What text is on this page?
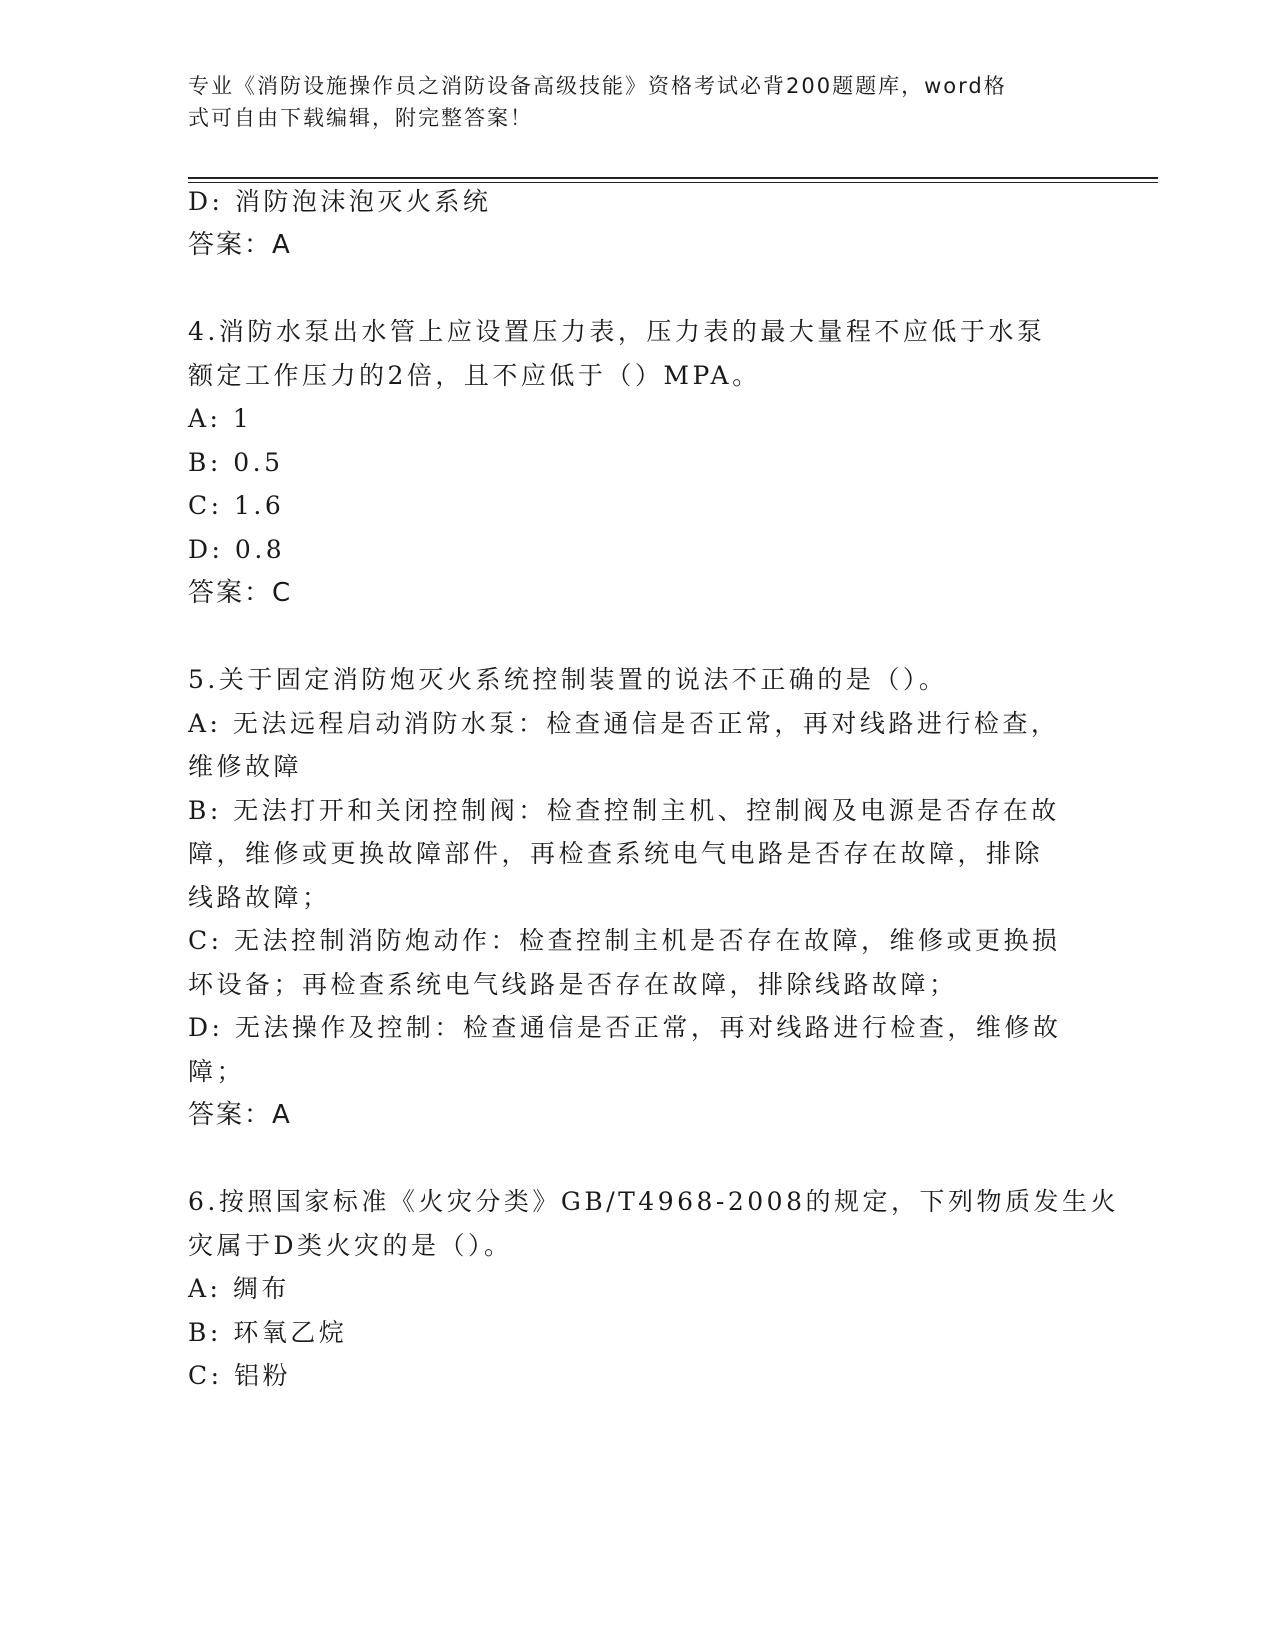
专业《消防设施操作员之消防设备高级技能》资格考试必背200题题库，word格
式可自由下载编辑，附完整答案！
D: 消防泡沫泡灭火系统
答案：A
4.消防水泵出水管上应设置压力表，压力表的最大量程不应低于水泵
额定工作压力的2倍，且不应低于（）MPA。
A: 1
B: 0.5
C: 1.6
D: 0.8
答案：C
5.关于固定消防炮灭火系统控制装置的说法不正确的是（）。
A: 无法远程启动消防水泵：检查通信是否正常，再对线路进行检查，
维修故障
B: 无法打开和关闭控制阀：检查控制主机、控制阀及电源是否存在故
障，维修或更换故障部件，再检查系统电气电路是否存在故障，排除
线路故障；
C: 无法控制消防炮动作：检查控制主机是否存在故障，维修或更换损
坏设备；再检查系统电气线路是否存在故障，排除线路故障；
D: 无法操作及控制：检查通信是否正常，再对线路进行检查，维修故
障；
答案：A
6.按照国家标准《火灾分类》GB/T4968-2008的规定，下列物质发生火
灾属于D类火灾的是（）。
A: 绸布
B: 环氧乙烷
C: 铝粉
